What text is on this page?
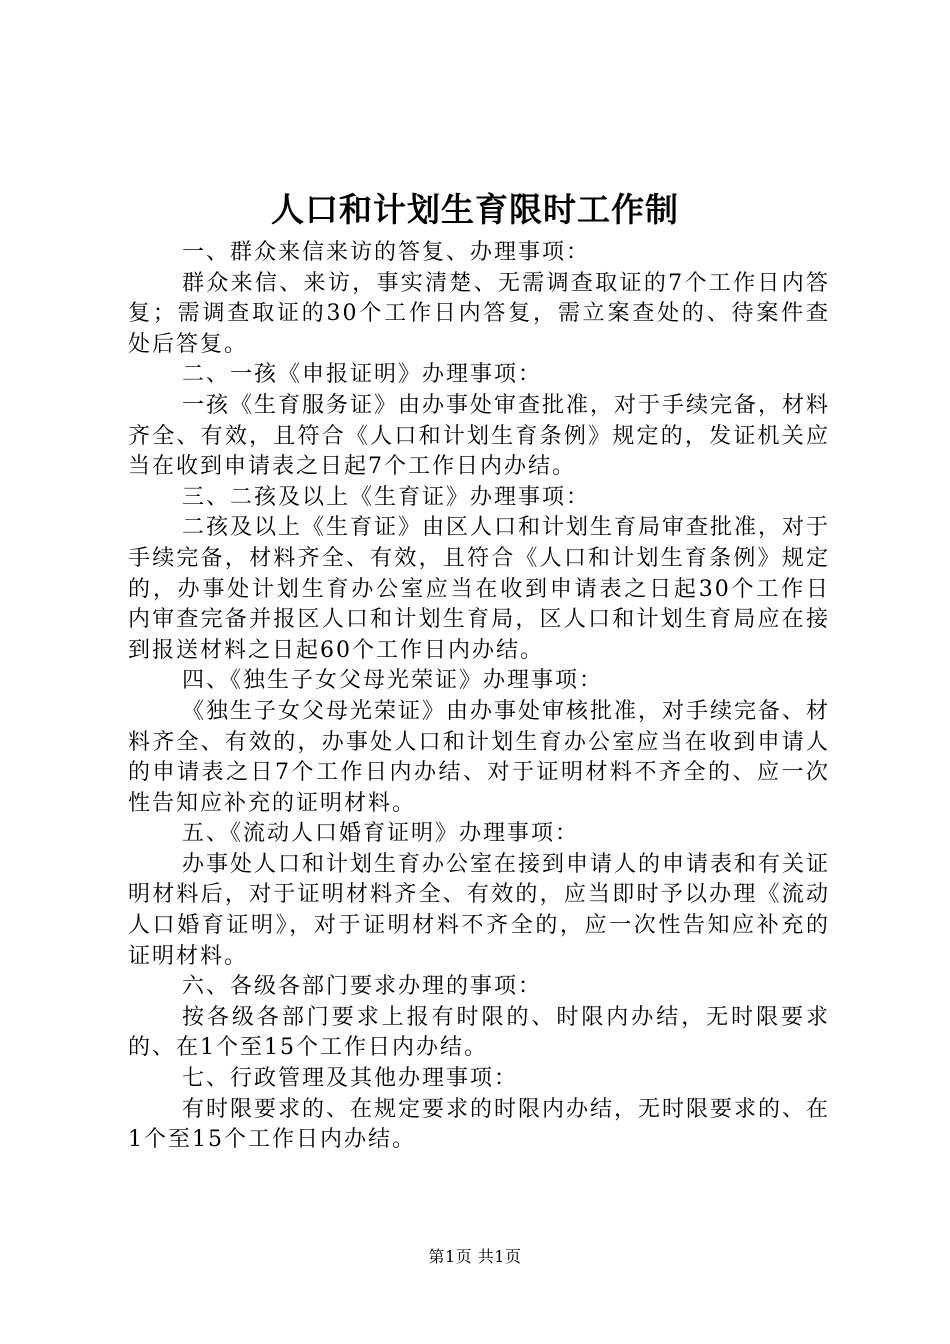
人口和计划生育限时工作制

一、群众来信来访的答复、办理事项：

群众来信、来访，事实清楚、无需调查取证的7个工作日内答复；需调查取证的30个工作日内答复，需立案查处的、待案件查处后答复。

二、一孩《申报证明》办理事项：

一孩《生育服务证》由办事处审查批准，对于手续完备，材料齐全、有效，且符合《人口和计划生育条例》规定的，发证机关应当在收到申请表之日起7个工作日内办结。

三、二孩及以上《生育证》办理事项：

二孩及以上《生育证》由区人口和计划生育局审查批准，对于手续完备，材料齐全、有效，且符合《人口和计划生育条例》规定的，办事处计划生育办公室应当在收到申请表之日起30个工作日内审查完备并报区人口和计划生育局，区人口和计划生育局应在接到报送材料之日起60个工作日内办结。

四、《独生子女父母光荣证》办理事项：

《独生子女父母光荣证》由办事处审核批准，对手续完备、材料齐全、有效的，办事处人口和计划生育办公室应当在收到申请人的申请表之日7个工作日内办结、对于证明材料不齐全的、应一次性告知应补充的证明材料。

五、《流动人口婚育证明》办理事项：

办事处人口和计划生育办公室在接到申请人的申请表和有关证明材料后，对于证明材料齐全、有效的，应当即时予以办理《流动人口婚育证明》，对于证明材料不齐全的，应一次性告知应补充的证明材料。

六、各级各部门要求办理的事项：

按各级各部门要求上报有时限的、时限内办结，无时限要求的、在1个至15个工作日内办结。

七、行政管理及其他办理事项：

有时限要求的、在规定要求的时限内办结，无时限要求的、在1个至15个工作日内办结。

第1页 共1页
